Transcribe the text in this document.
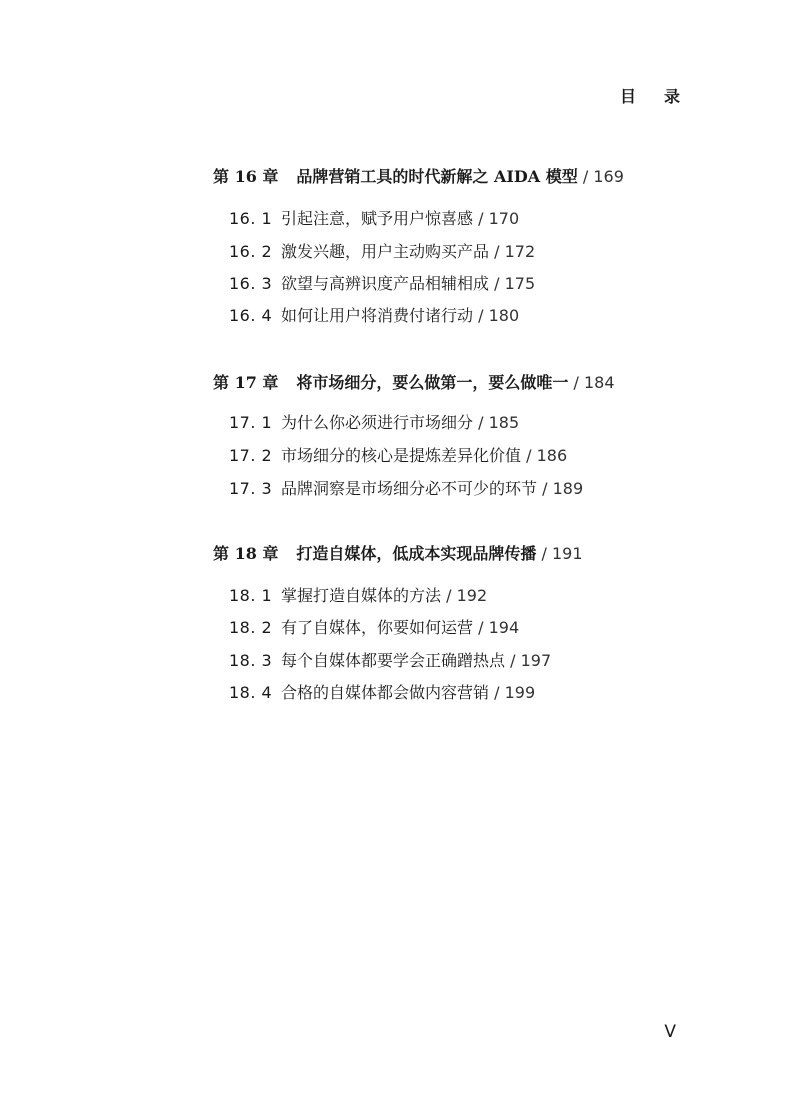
目 录
第 16 章 品牌营销工具的时代新解之 AIDA 模型 / 169
16. 1 引起注意，赋予用户惊喜感 / 170
16. 2 激发兴趣，用户主动购买产品 / 172
16. 3 欲望与高辨识度产品相辅相成 / 175
16. 4 如何让用户将消费付诸行动 / 180
第 17 章 将市场细分，要么做第一，要么做唯一 / 184
17. 1 为什么你必须进行市场细分 / 185
17. 2 市场细分的核心是提炼差异化价值 / 186
17. 3 品牌洞察是市场细分必不可少的环节 / 189
第 18 章 打造自媒体，低成本实现品牌传播 / 191
18. 1 掌握打造自媒体的方法 / 192
18. 2 有了自媒体，你要如何运营 / 194
18. 3 每个自媒体都要学会正确蹭热点 / 197
18. 4 合格的自媒体都会做内容营销 / 199
V
